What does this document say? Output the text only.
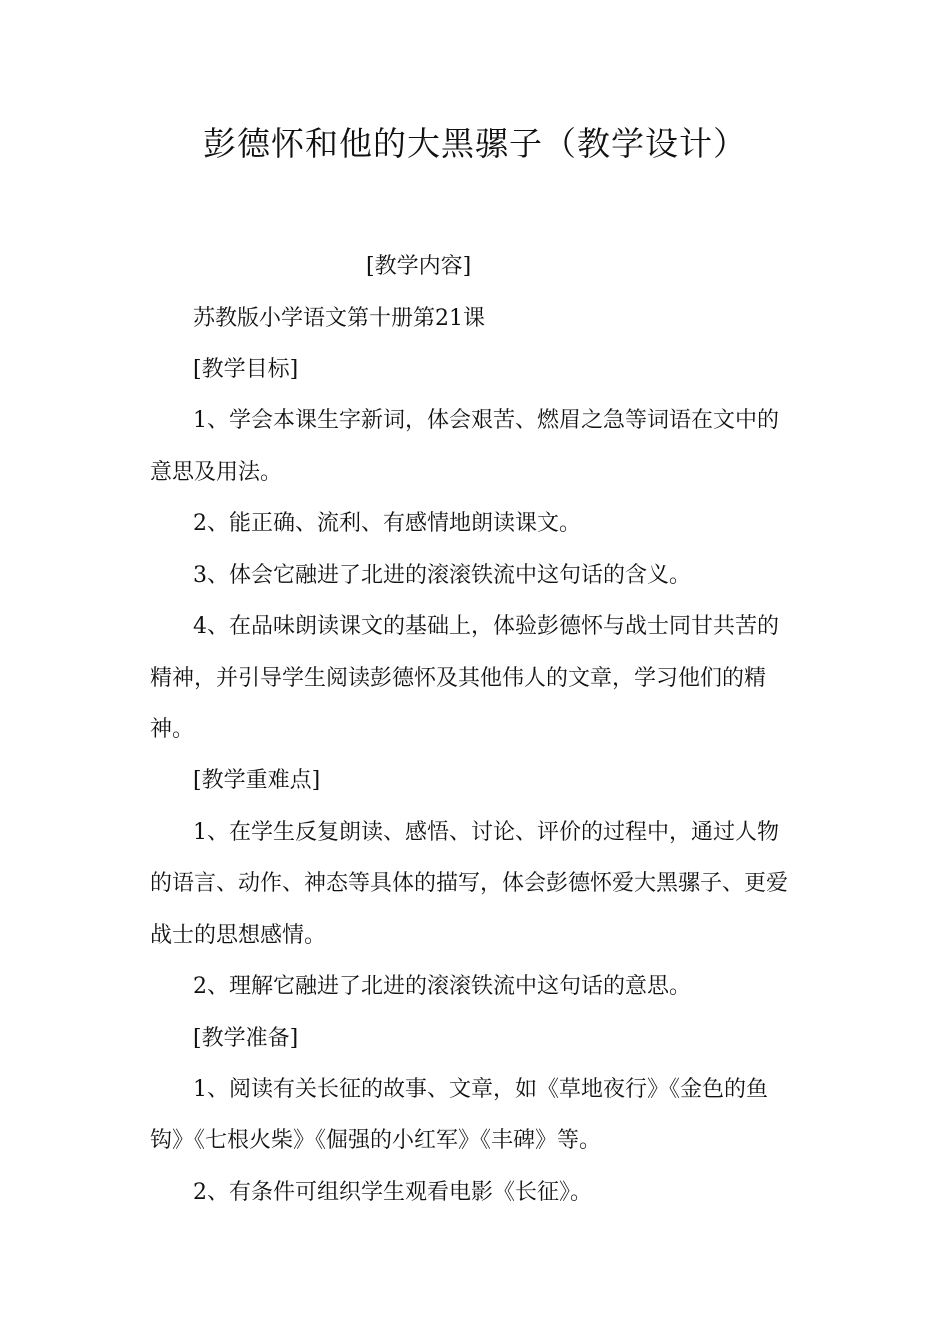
彭德怀和他的大黑骡子（教学设计）

[教学内容]

苏教版小学语文第十册第21课

[教学目标]

1、学会本课生字新词，体会艰苦、燃眉之急等词语在文中的

意思及用法。

2、能正确、流利、有感情地朗读课文。

3、体会它融进了北进的滚滚铁流中这句话的含义。

4、在品味朗读课文的基础上，体验彭德怀与战士同甘共苦的

精神，并引导学生阅读彭德怀及其他伟人的文章，学习他们的精

神。

[教学重难点]

1、在学生反复朗读、感悟、讨论、评价的过程中，通过人物

的语言、动作、神态等具体的描写，体会彭德怀爱大黑骡子、更爱

战士的思想感情。

2、理解它融进了北进的滚滚铁流中这句话的意思。

[教学准备]

1、阅读有关长征的故事、文章，如《草地夜行》《金色的鱼

钩》《七根火柴》《倔强的小红军》《丰碑》等。

2、有条件可组织学生观看电影《长征》。
